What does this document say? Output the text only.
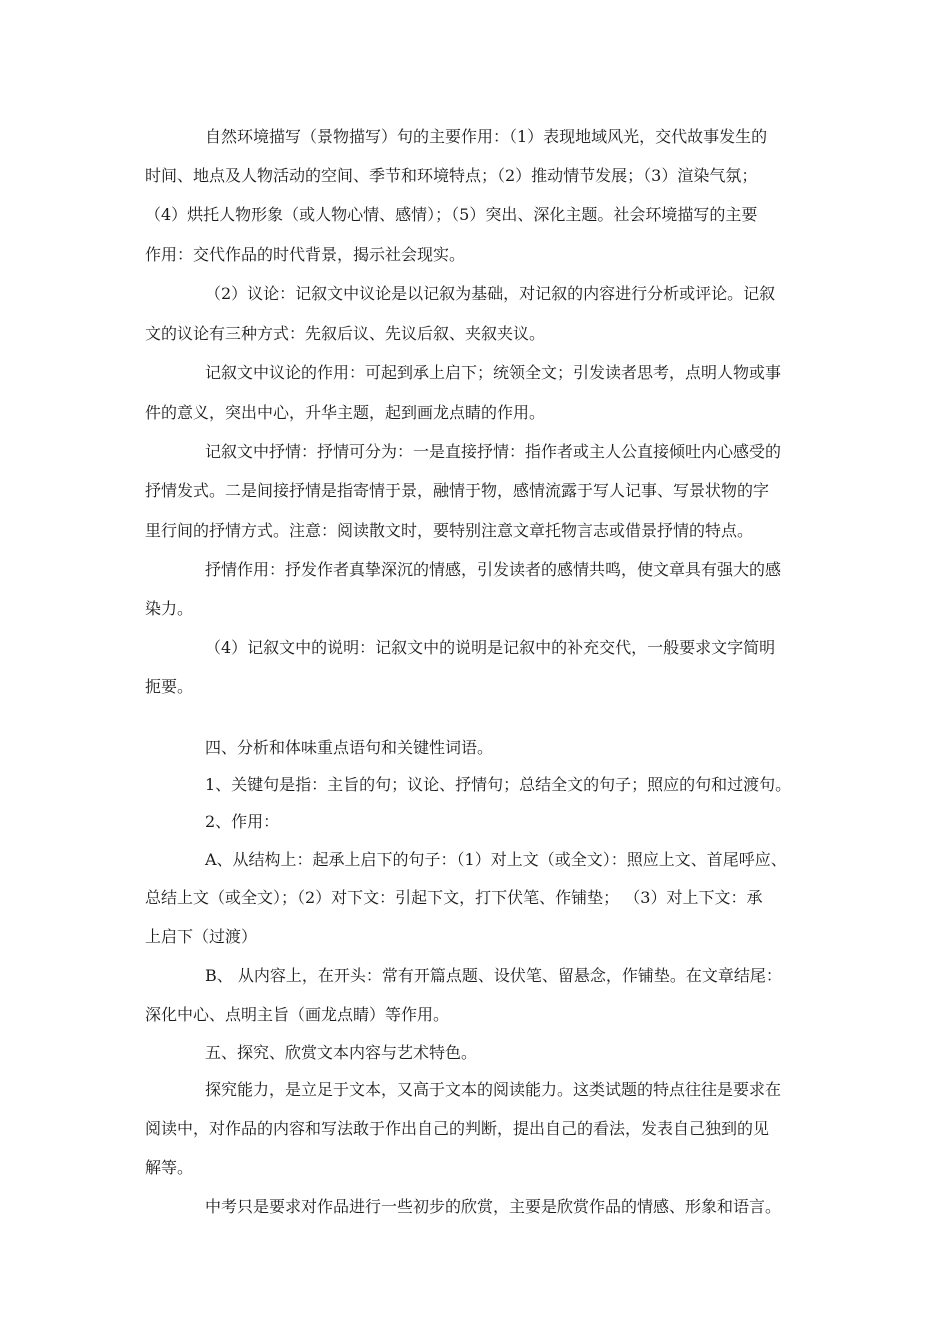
自然环境描写（景物描写）句的主要作用：（1）表现地域风光，交代故事发生的

时间、地点及人物活动的空间、季节和环境特点；（2）推动情节发展；（3）渲染气氛；

（4）烘托人物形象（或人物心情、感情）；（5）突出、深化主题。社会环境描写的主要

作用：交代作品的时代背景，揭示社会现实。

（2）议论：记叙文中议论是以记叙为基础，对记叙的内容进行分析或评论。记叙

文的议论有三种方式：先叙后议、先议后叙、夹叙夹议。

记叙文中议论的作用：可起到承上启下；统领全文；引发读者思考，点明人物或事

件的意义，突出中心，升华主题，起到画龙点睛的作用。

记叙文中抒情：抒情可分为：一是直接抒情：指作者或主人公直接倾吐内心感受的

抒情发式。二是间接抒情是指寄情于景，融情于物，感情流露于写人记事、写景状物的字

里行间的抒情方式。注意：阅读散文时，要特别注意文章托物言志或借景抒情的特点。

抒情作用：抒发作者真挚深沉的情感，引发读者的感情共鸣，使文章具有强大的感

染力。

（4）记叙文中的说明：记叙文中的说明是记叙中的补充交代，一般要求文字简明

扼要。

四、分析和体味重点语句和关键性词语。

1、关键句是指：主旨的句；议论、抒情句；总结全文的句子；照应的句和过渡句。

2、作用：

A、从结构上：起承上启下的句子：（1）对上文（或全文）：照应上文、首尾呼应、

总结上文（或全文）；（2）对下文：引起下文，打下伏笔、作铺垫； （3）对上下文：承

上启下（过渡）

B、 从内容上，在开头：常有开篇点题、设伏笔、留悬念，作铺垫。在文章结尾：

深化中心、点明主旨（画龙点睛）等作用。

五、探究、欣赏文本内容与艺术特色。

探究能力，是立足于文本，又高于文本的阅读能力。这类试题的特点往往是要求在

阅读中，对作品的内容和写法敢于作出自己的判断，提出自己的看法，发表自己独到的见

解等。

中考只是要求对作品进行一些初步的欣赏，主要是欣赏作品的情感、形象和语言。
